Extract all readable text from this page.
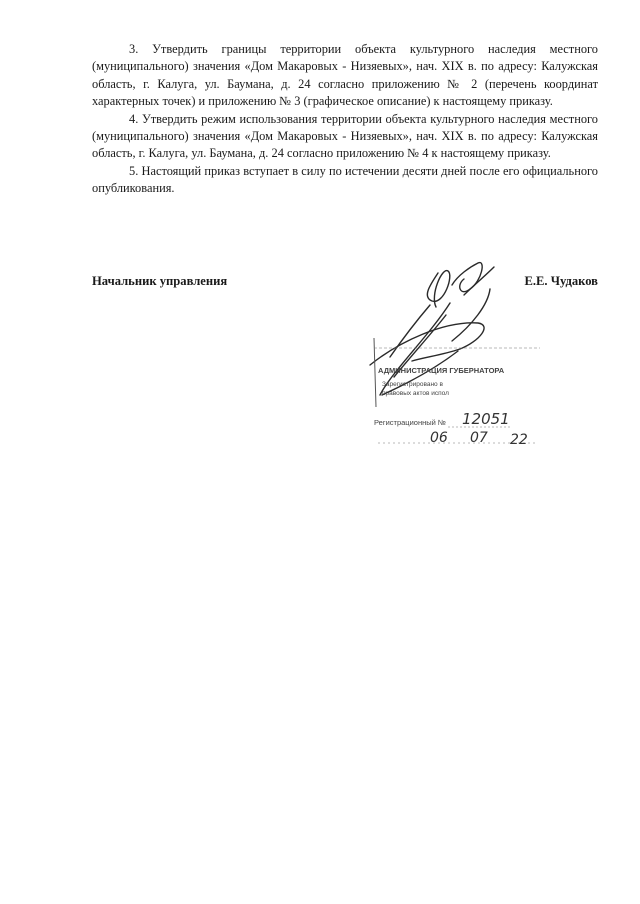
3. Утвердить границы территории объекта культурного наследия местного (муниципального) значения «Дом Макаровых - Низяевых», нач. XIX в. по адресу: Калужская область, г. Калуга, ул. Баумана, д. 24 согласно приложению № 2 (перечень координат характерных точек) и приложению № 3 (графическое описание) к настоящему приказу.

4. Утвердить режим использования территории объекта культурного наследия местного (муниципального) значения «Дом Макаровых - Низяевых», нач. XIX в. по адресу: Калужская область, г. Калуга, ул. Баумана, д. 24 согласно приложению № 4 к настоящему приказу.

5. Настоящий приказ вступает в силу по истечении десяти дней после его официального опубликования.

Начальник управления	Е.Е. Чудаков
АДМИНИСТРАЦИЯ ГУБЕРНАТОРА
Зарегистрировано в
правовых актов испол
Регистрационный № 12051
06 07 22
